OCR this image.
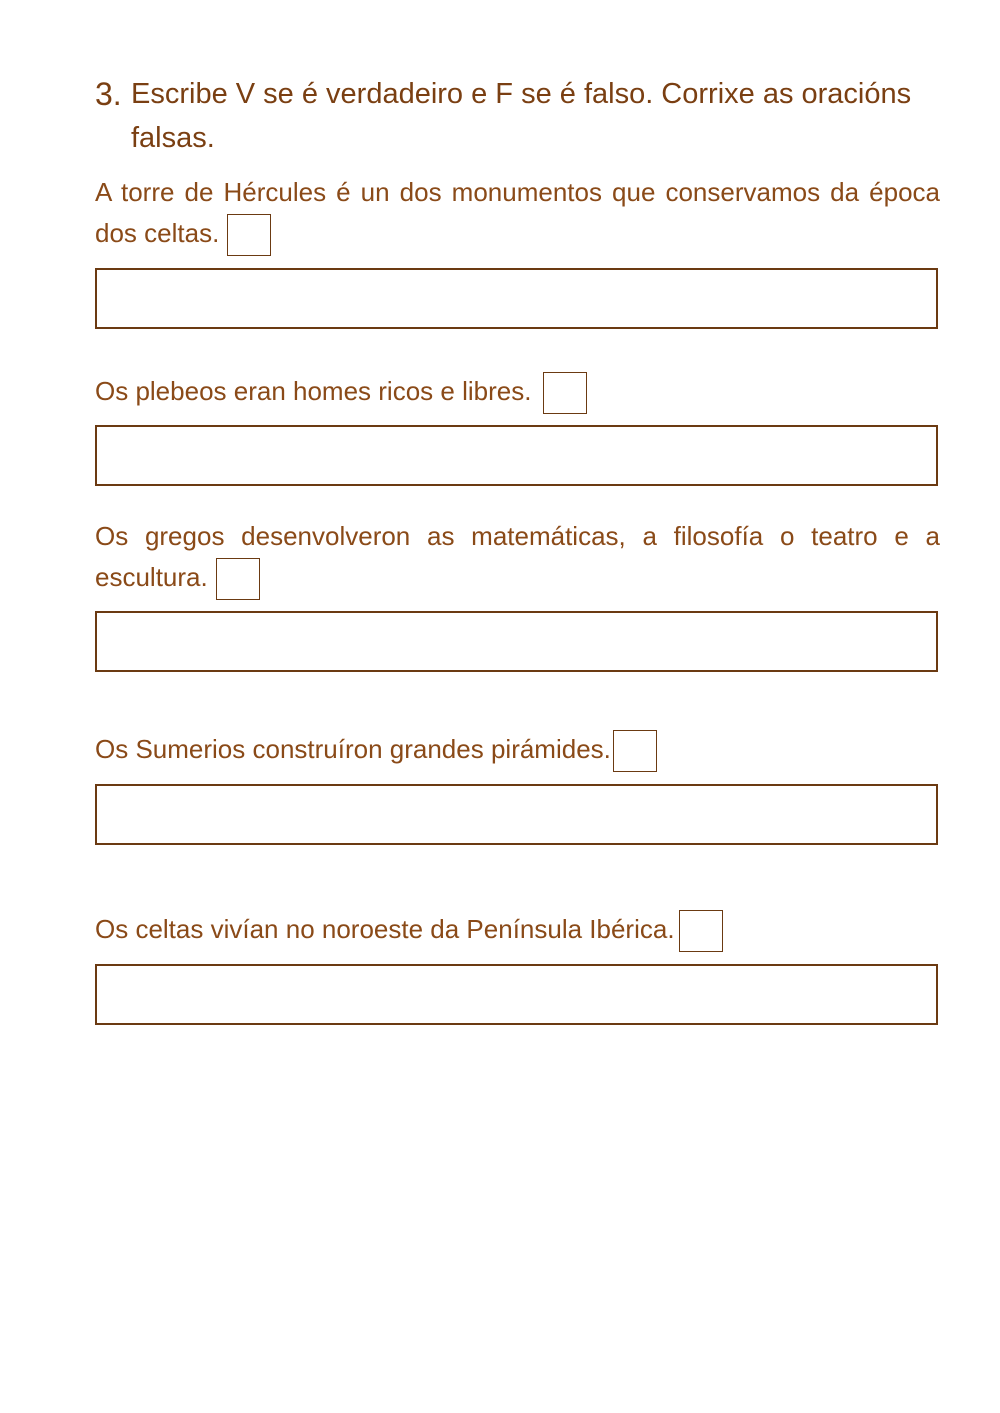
3. Escribe V se é verdadeiro e F se é falso. Corrixe as oracións falsas.
A torre de Hércules é un dos monumentos que conservamos da época dos celtas.
Os plebeos eran homes ricos e libres.
Os gregos desenvolveron as matemáticas, a filosofía o teatro e a escultura.
Os Sumerios construíron grandes pirámides.
Os celtas vivían no noroeste da Península Ibérica.
